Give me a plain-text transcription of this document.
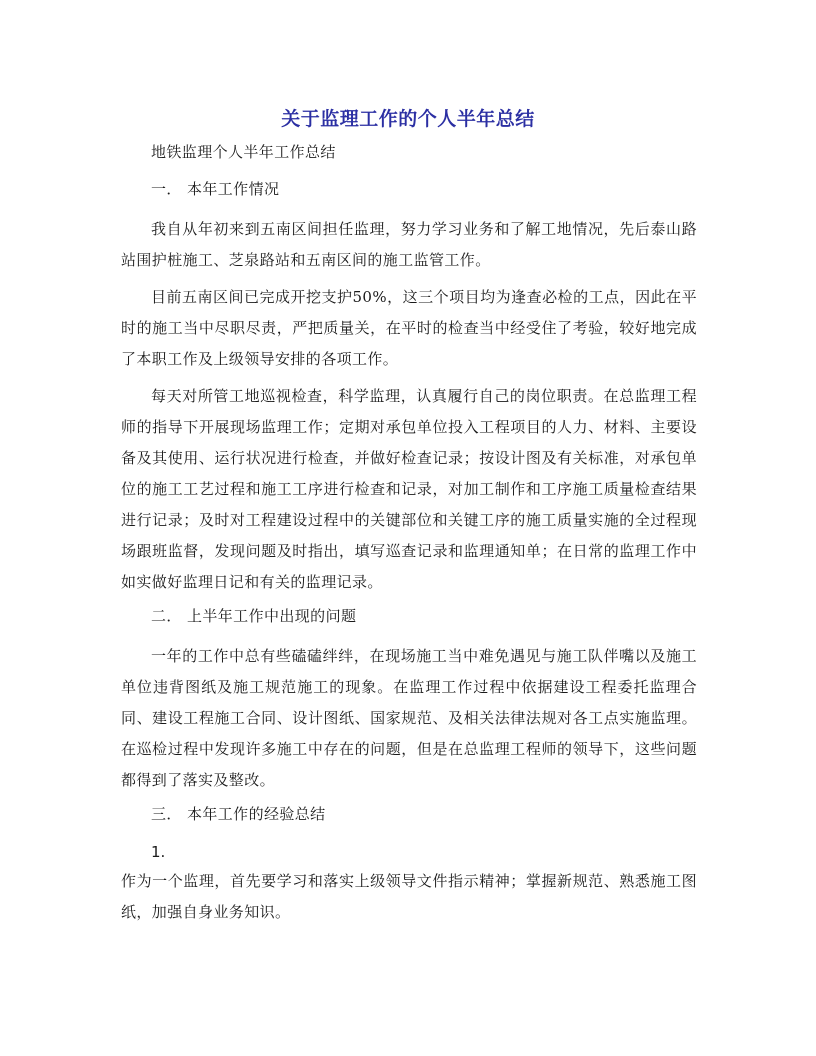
关于监理工作的个人半年总结

地铁监理个人半年工作总结

一． 本年工作情况

我自从年初来到五南区间担任监理，努力学习业务和了解工地情况，先后泰山路站围护桩施工、芝泉路站和五南区间的施工监管工作。

目前五南区间已完成开挖支护50%，这三个项目均为逢查必检的工点，因此在平时的施工当中尽职尽责，严把质量关，在平时的检查当中经受住了考验，较好地完成了本职工作及上级领导安排的各项工作。

每天对所管工地巡视检查，科学监理，认真履行自己的岗位职责。在总监理工程师的指导下开展现场监理工作；定期对承包单位投入工程项目的人力、材料、主要设备及其使用、运行状况进行检查，并做好检查记录；按设计图及有关标准，对承包单位的施工工艺过程和施工工序进行检查和记录，对加工制作和工序施工质量检查结果进行记录；及时对工程建设过程中的关键部位和关键工序的施工质量实施的全过程现场跟班监督，发现问题及时指出，填写巡查记录和监理通知单；在日常的监理工作中如实做好监理日记和有关的监理记录。

二． 上半年工作中出现的问题

一年的工作中总有些磕磕绊绊，在现场施工当中难免遇见与施工队伴嘴以及施工单位违背图纸及施工规范施工的现象。在监理工作过程中依据建设工程委托监理合同、建设工程施工合同、设计图纸、国家规范、及相关法律法规对各工点实施监理。在巡检过程中发现许多施工中存在的问题，但是在总监理工程师的领导下，这些问题都得到了落实及整改。

三． 本年工作的经验总结

1.

作为一个监理，首先要学习和落实上级领导文件指示精神；掌握新规范、熟悉施工图纸，加强自身业务知识。
